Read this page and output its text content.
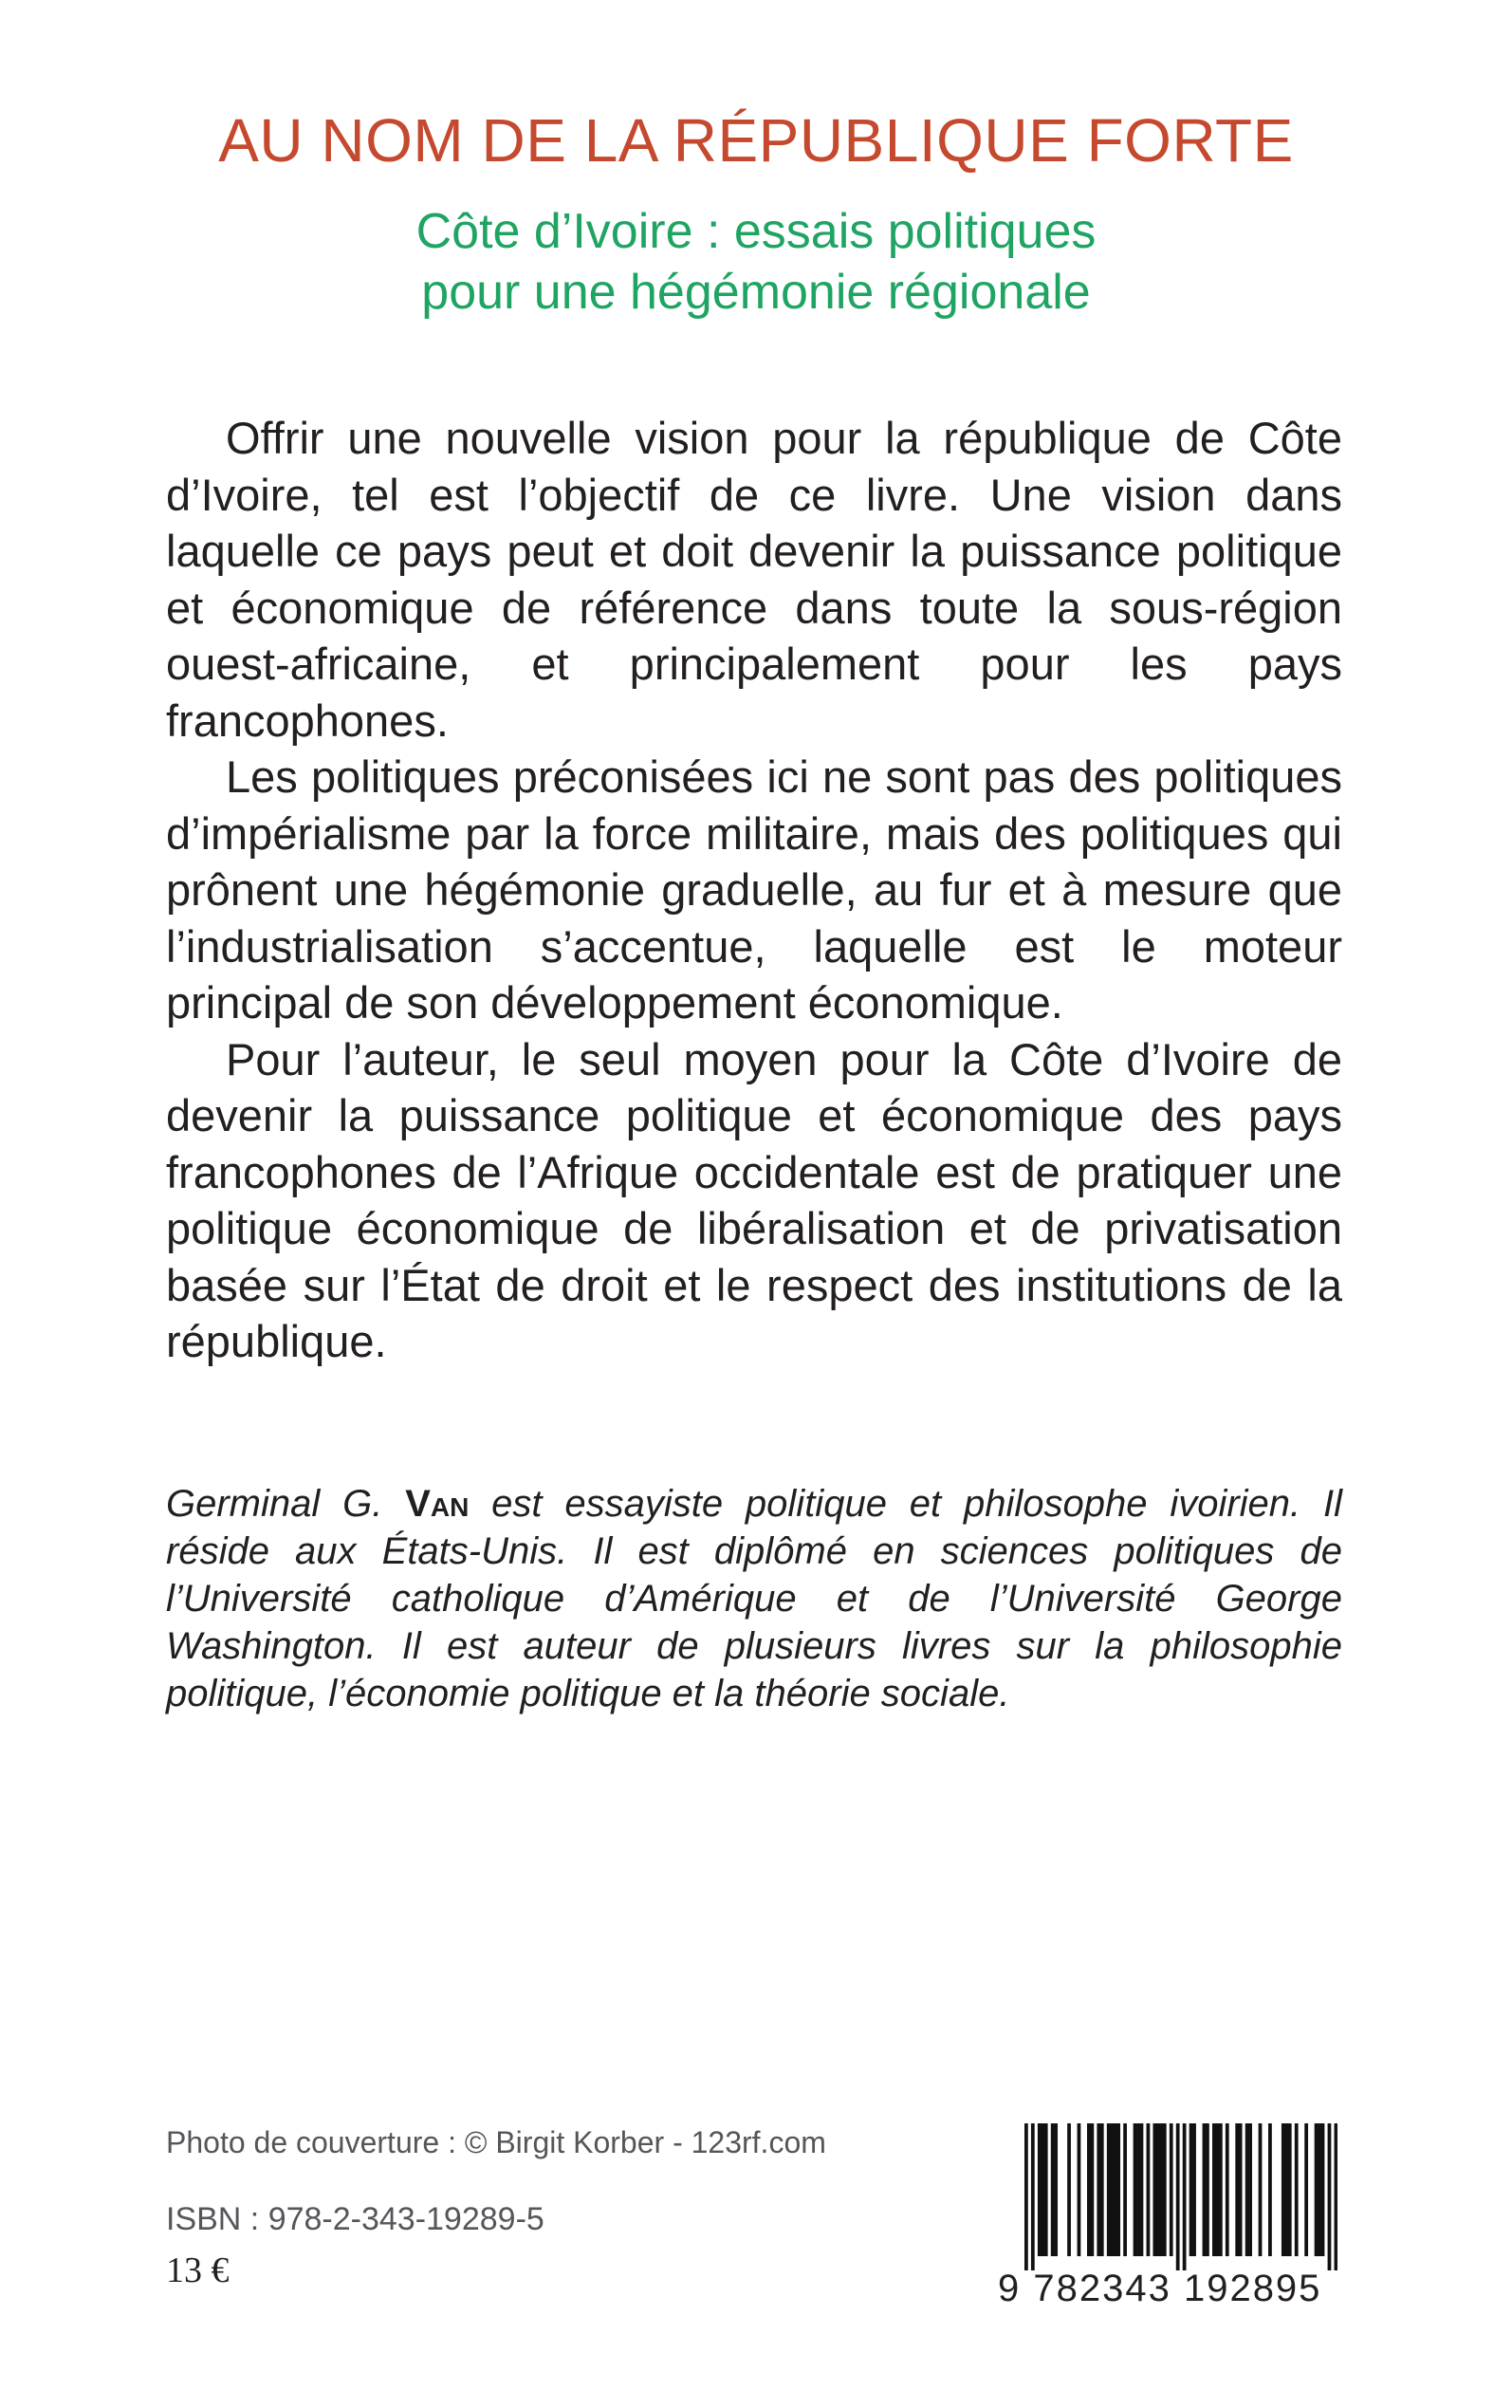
AU NOM DE LA RÉPUBLIQUE FORTE
Côte d’Ivoire : essais politiques
pour une hégémonie régionale

Offrir une nouvelle vision pour la république de Côte d’Ivoire, tel est l’objectif de ce livre. Une vision dans laquelle ce pays peut et doit devenir la puissance politique et économique de référence dans toute la sous-région ouest-africaine, et principalement pour les pays francophones.

Les politiques préconisées ici ne sont pas des politiques d’impérialisme par la force militaire, mais des politiques qui prônent une hégémonie graduelle, au fur et à mesure que l’industrialisation s’accentue, laquelle est le moteur principal de son développement économique.

Pour l’auteur, le seul moyen pour la Côte d’Ivoire de devenir la puissance politique et économique des pays francophones de l’Afrique occidentale est de pratiquer une politique économique de libéralisation et de privatisation basée sur l’État de droit et le respect des institutions de la république.

Germinal G. Van est essayiste politique et philosophe ivoirien. Il réside aux États-Unis. Il est diplômé en sciences politiques de l’Université catholique d’Amérique et de l’Université George Washington. Il est auteur de plusieurs livres sur la philosophie politique, l’économie politique et la théorie sociale.

Photo de couverture : © Birgit Korber - 123rf.com
ISBN : 978-2-343-19289-5
13 €	9 782343 192895
